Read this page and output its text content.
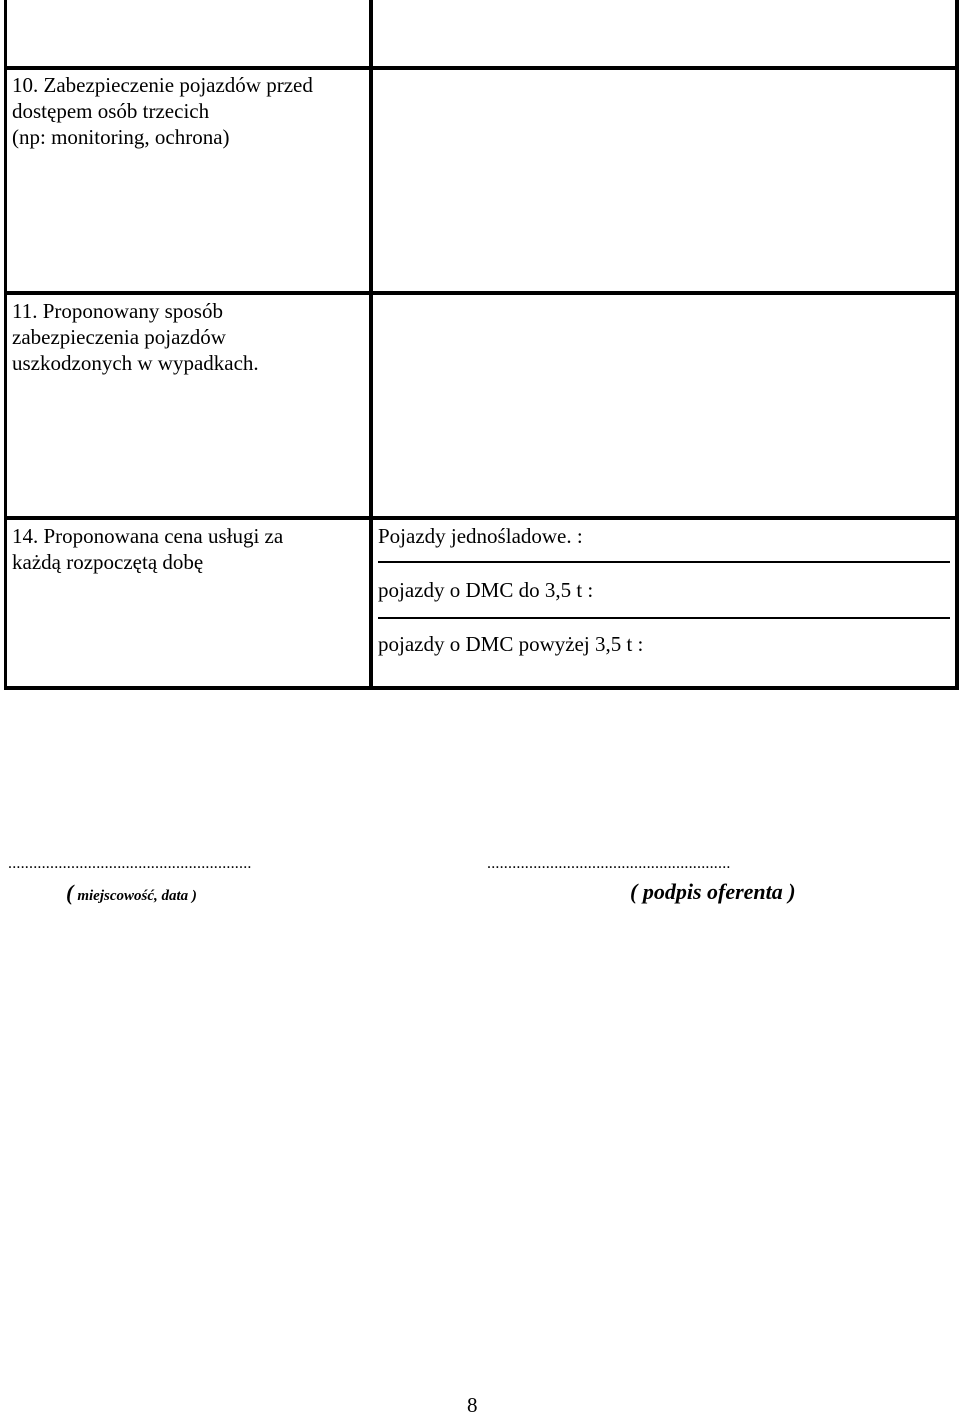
10. Zabezpieczenie pojazdów przed
dostępem osób trzecich
(np: monitoring, ochrona)
11. Proponowany sposób
zabezpieczenia pojazdów
uszkodzonych w wypadkach.
14. Proponowana cena usługi za
każdą rozpoczętą dobę
Pojazdy jednośladowe. :
pojazdy o DMC do 3,5 t :
pojazdy o DMC powyżej 3,5 t :
..........................................................
( miejscowość, data )
..........................................................
( podpis oferenta )
8
